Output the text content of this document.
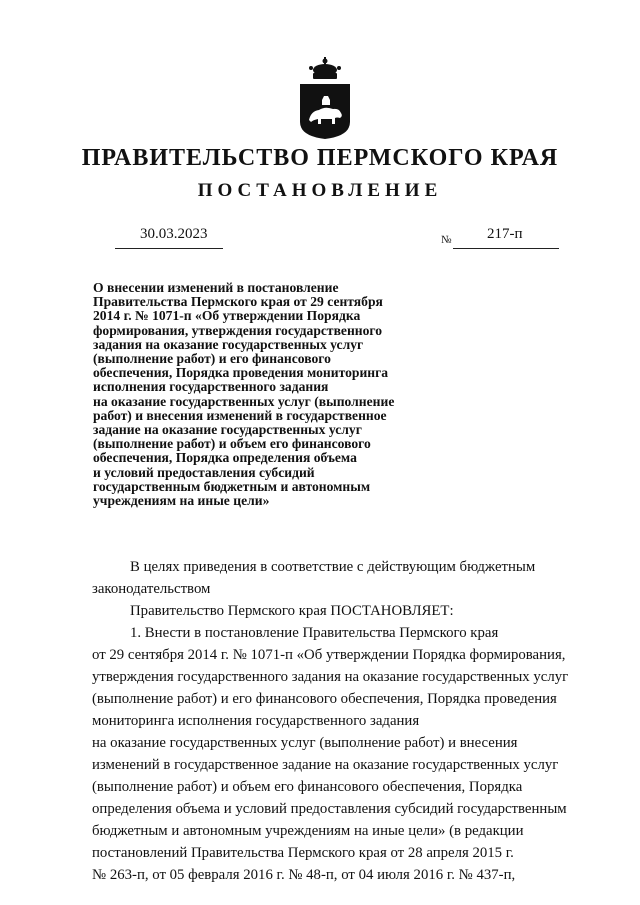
ПРАВИТЕЛЬСТВО ПЕРМСКОГО КРАЯ
ПОСТАНОВЛЕНИЕ
30.03.2023	№ 217-п
О внесении изменений в постановление
Правительства Пермского края от 29 сентября
2014 г. № 1071-п «Об утверждении Порядка
формирования, утверждения государственного
задания на оказание государственных услуг
(выполнение работ) и его финансового
обеспечения, Порядка проведения мониторинга
исполнения государственного задания
на оказание государственных услуг (выполнение
работ) и внесения изменений в государственное
задание на оказание государственных услуг
(выполнение работ) и объем его финансового
обеспечения, Порядка определения объема
и условий предоставления субсидий
государственным бюджетным и автономным
учреждениям на иные цели»
В целях приведения в соответствие с действующим бюджетным
законодательством
Правительство Пермского края ПОСТАНОВЛЯЕТ:
1. Внести в постановление Правительства Пермского края
от 29 сентября 2014 г. № 1071-п «Об утверждении Порядка формирования,
утверждения государственного задания на оказание государственных услуг
(выполнение работ) и его финансового обеспечения, Порядка проведения
мониторинга исполнения государственного задания
на оказание государственных услуг (выполнение работ) и внесения
изменений в государственное задание на оказание государственных услуг
(выполнение работ) и объем его финансового обеспечения, Порядка
определения объема и условий предоставления субсидий государственным
бюджетным и автономным учреждениям на иные цели» (в редакции
постановлений Правительства Пермского края от 28 апреля 2015 г.
№ 263-п, от 05 февраля 2016 г. № 48-п, от 04 июля 2016 г. № 437-п,
